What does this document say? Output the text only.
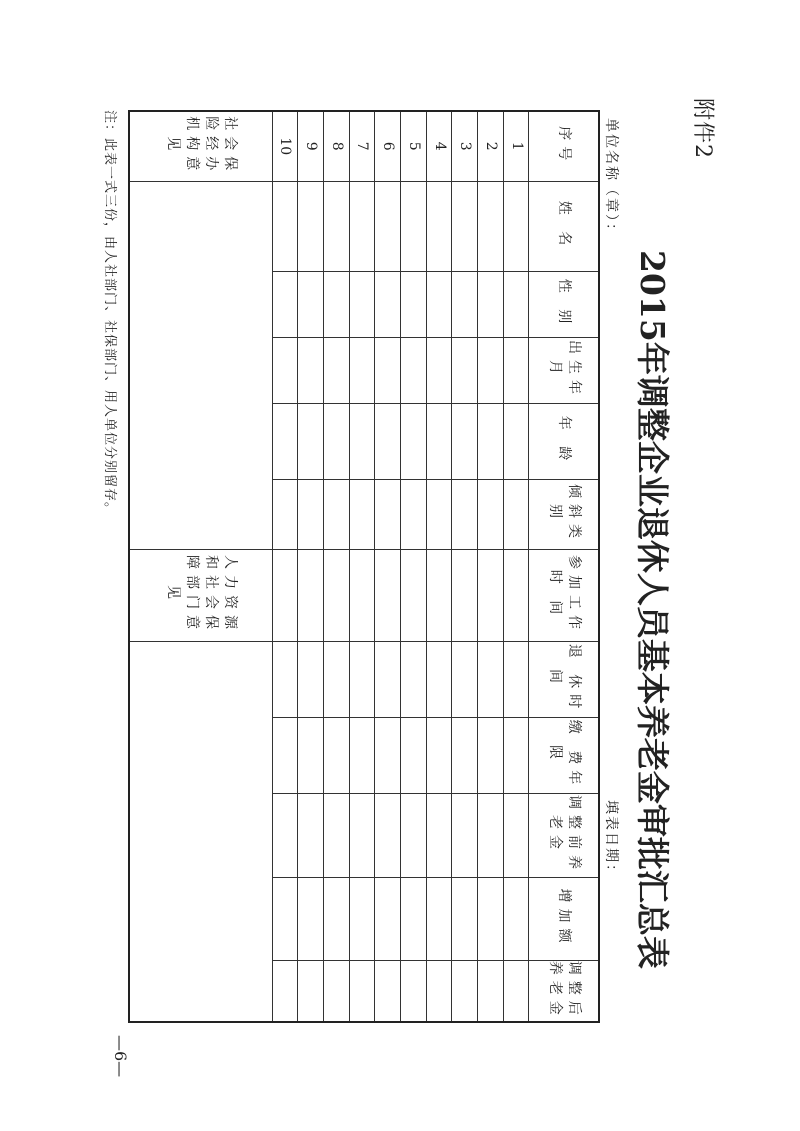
附件2
2015年调整企业退休人员基本养老金审批汇总表
单位名称（章）：
填表日期：
序号	姓 名	性 别	出生年月	年 龄	倾斜类别	参加工作时 间	退 休时 间	缴 费年 限	调整前养老金	增加额	调整后养老金
1											
2											
3											
4											
5											
6											
7											
8											
9											
10											
社会保险经办机构意 见						人力资源和社会保障部门意 见					
注：此表一式三份，由人社部门、社保部门、用人单位分别留存。
—6—
